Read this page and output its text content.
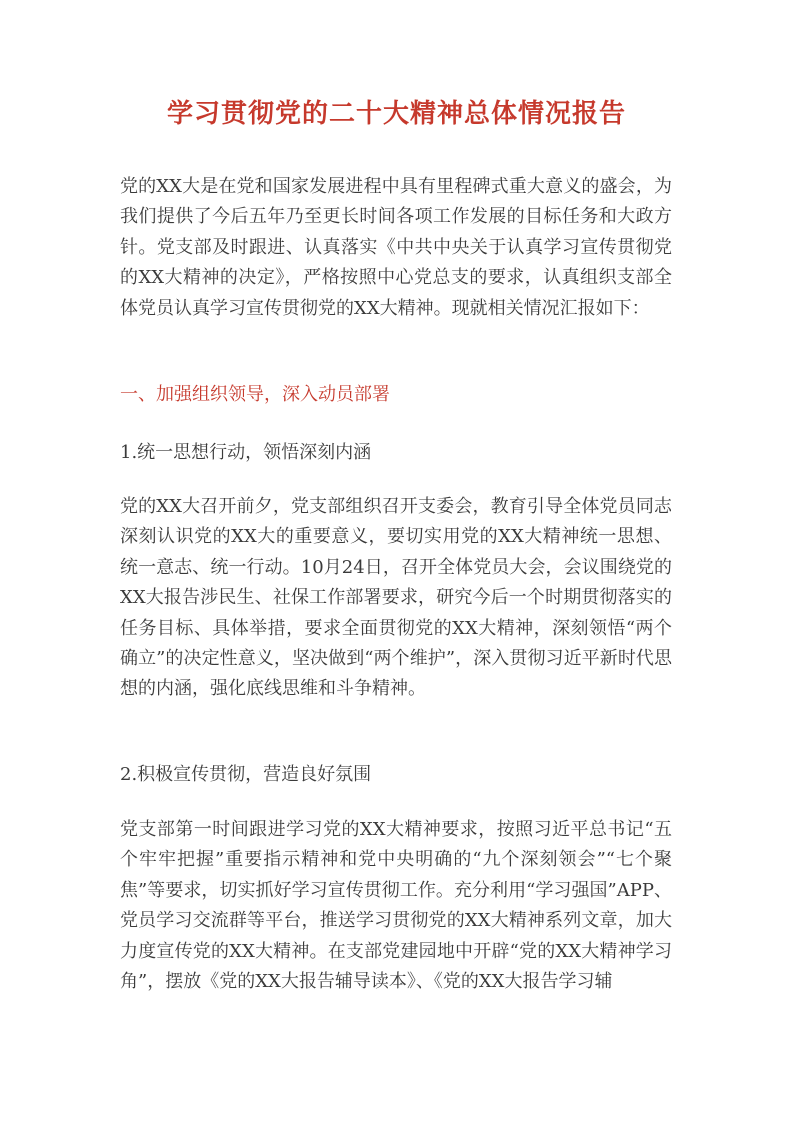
学习贯彻党的二十大精神总体情况报告
党的XX大是在党和国家发展进程中具有里程碑式重大意义的盛会，为我们提供了今后五年乃至更长时间各项工作发展的目标任务和大政方针。党支部及时跟进、认真落实《中共中央关于认真学习宣传贯彻党的XX大精神的决定》，严格按照中心党总支的要求，认真组织支部全体党员认真学习宣传贯彻党的XX大精神。现就相关情况汇报如下：
一、加强组织领导，深入动员部署
1.统一思想行动，领悟深刻内涵
党的XX大召开前夕，党支部组织召开支委会，教育引导全体党员同志深刻认识党的XX大的重要意义，要切实用党的XX大精神统一思想、统一意志、统一行动。10月24日，召开全体党员大会，会议围绕党的XX大报告涉民生、社保工作部署要求，研究今后一个时期贯彻落实的任务目标、具体举措，要求全面贯彻党的XX大精神，深刻领悟“两个确立”的决定性意义，坚决做到“两个维护”，深入贯彻习近平新时代思想的内涵，强化底线思维和斗争精神。
2.积极宣传贯彻，营造良好氛围
党支部第一时间跟进学习党的XX大精神要求，按照习近平总书记“五个牢牢把握”重要指示精神和党中央明确的“九个深刻领会”“七个聚焦”等要求，切实抓好学习宣传贯彻工作。充分利用“学习强国”APP、党员学习交流群等平台，推送学习贯彻党的XX大精神系列文章，加大力度宣传党的XX大精神。在支部党建园地中开辟“党的XX大精神学习角”，摆放《党的XX大报告辅导读本》、《党的XX大报告学习辅
